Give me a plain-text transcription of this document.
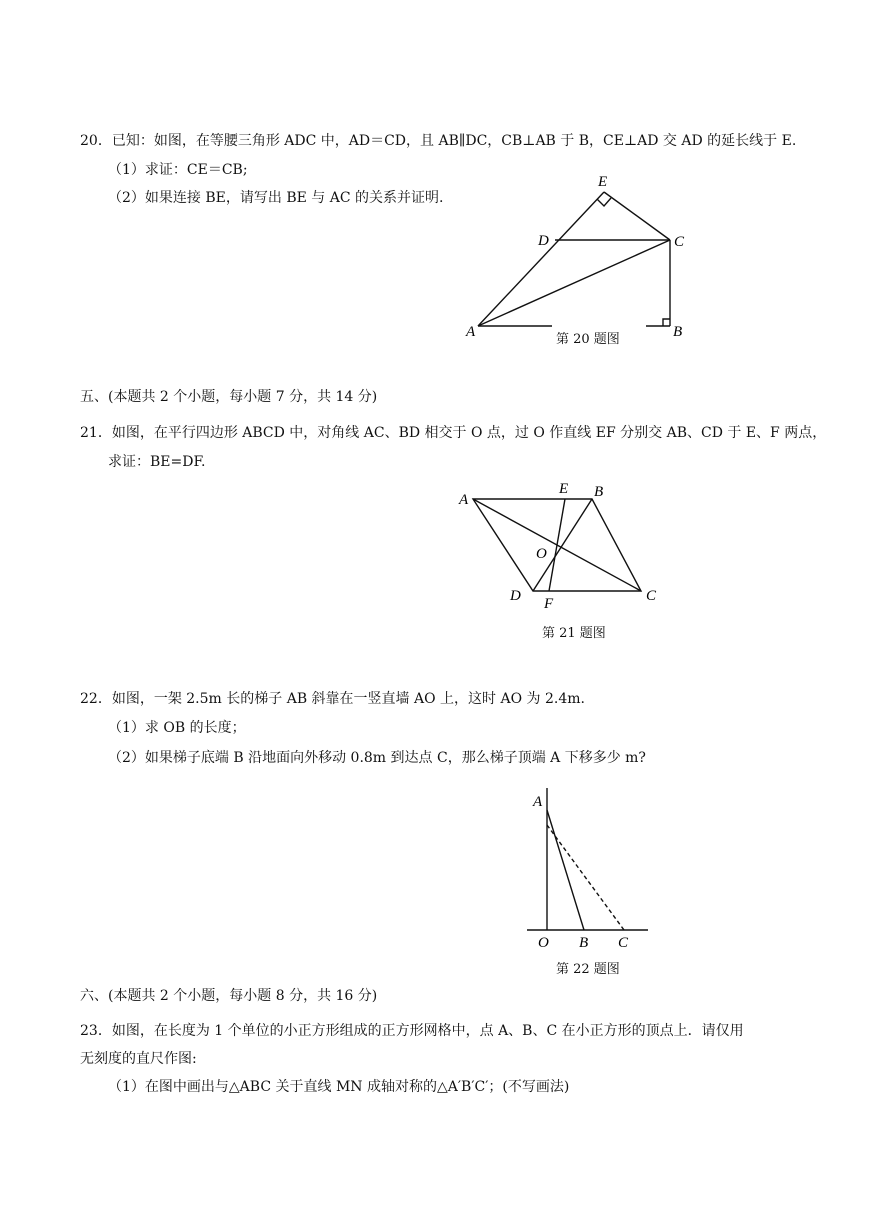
20．已知：如图，在等腰三角形 ADC 中，AD＝CD，且 AB∥DC，CB⊥AB 于 B，CE⊥AD 交 AD 的延长线于 E.
（1）求证：CE＝CB;
（2）如果连接 BE，请写出 BE 与 AC 的关系并证明.
E
D	C
A	B
第 20 题图
五、(本题共 2 个小题，每小题 7 分，共 14 分)
21．如图，在平行四边形 ABCD 中，对角线 AC、BD 相交于 O 点，过 O 作直线 EF 分别交 AB、CD 于 E、F 两点，
求证：BE=DF.
A
E B
O
D F	C
第 21 题图
22．如图，一架 2.5m 长的梯子 AB 斜靠在一竖直墙 AO 上，这时 AO 为 2.4m.
（1）求 OB 的长度；
（2）如果梯子底端 B 沿地面向外移动 0.8m 到达点 C，那么梯子顶端 A 下移多少 m?
A
O B C
第 22 题图
六、(本题共 2 个小题，每小题 8 分，共 16 分)
23．如图，在长度为 1 个单位的小正方形组成的正方形网格中，点 A、B、C 在小正方形的顶点上．请仅用
无刻度的直尺作图:
（1）在图中画出与△ABC 关于直线 MN 成轴对称的△A′B′C′；(不写画法)
